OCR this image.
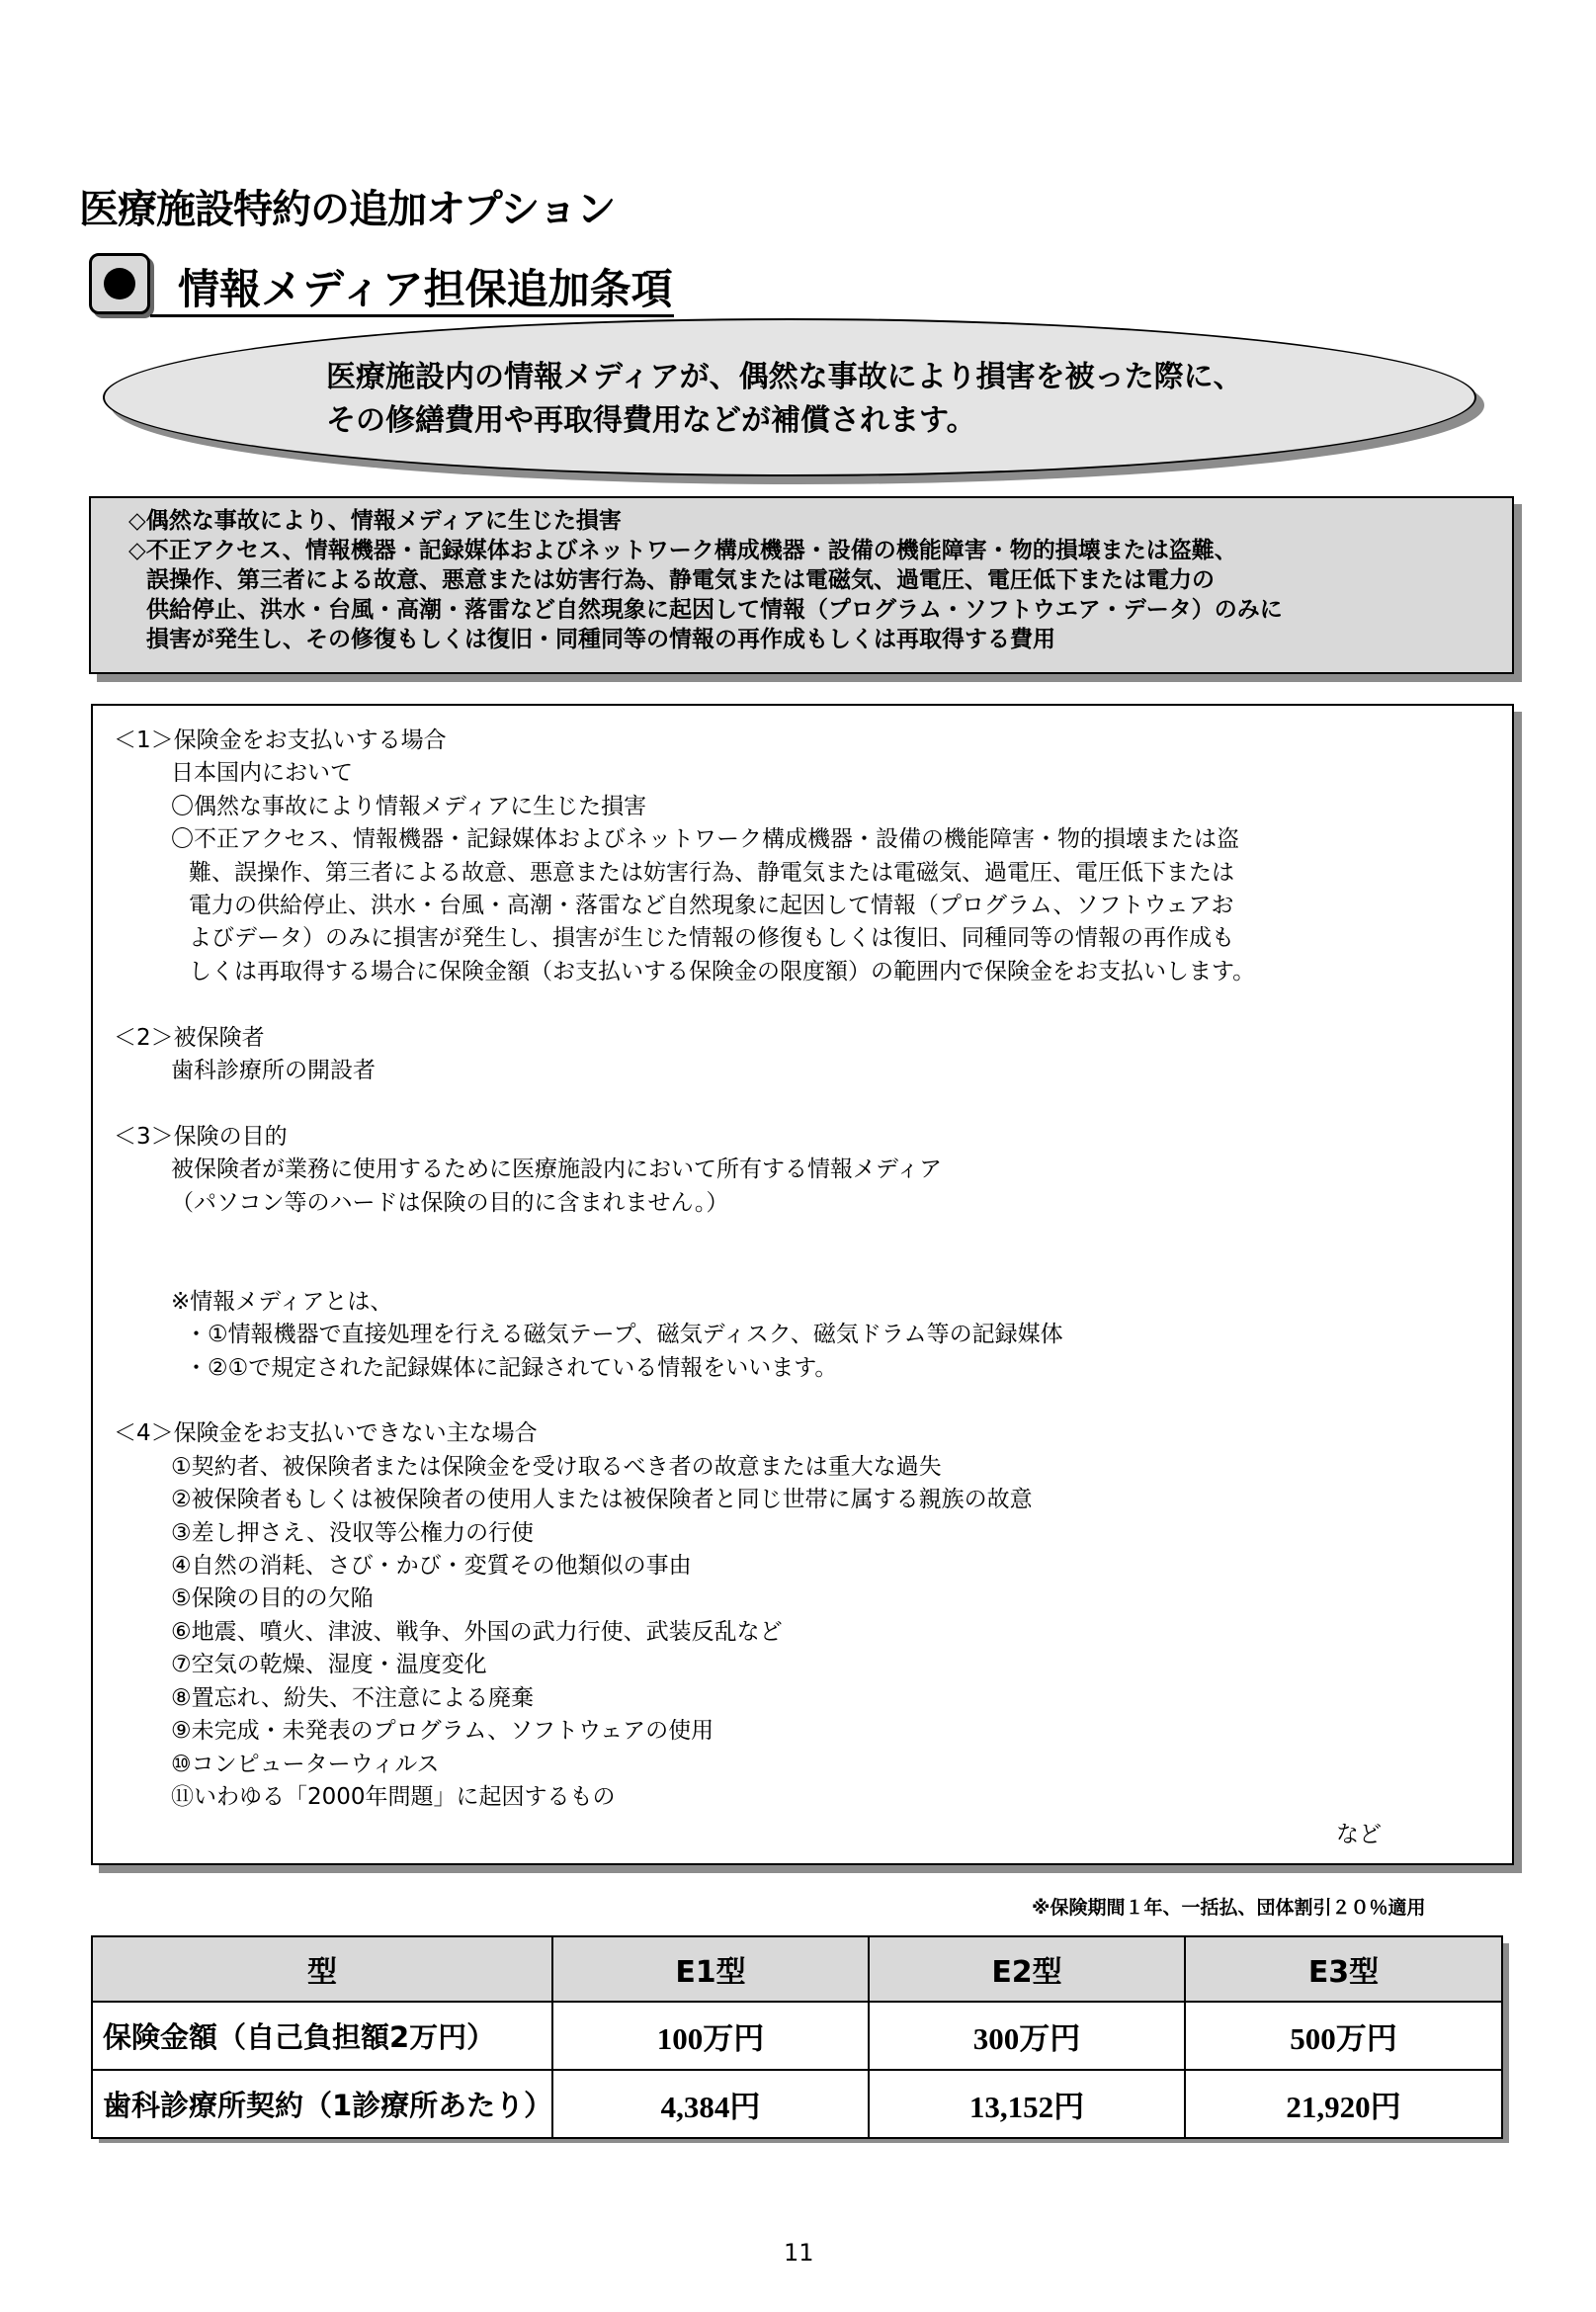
医療施設特約の追加オプション
情報メディア担保追加条項
医療施設内の情報メディアが、偶然な事故により損害を被った際に、
その修繕費用や再取得費用などが補償されます。
◇偶然な事故により、情報メディアに生じた損害
◇不正アクセス、情報機器・記録媒体およびネットワーク構成機器・設備の機能障害・物的損壊または盗難、
誤操作、第三者による故意、悪意または妨害行為、静電気または電磁気、過電圧、電圧低下または電力の
供給停止、洪水・台風・高潮・落雷など自然現象に起因して情報（プログラム・ソフトウエア・データ）のみに
損害が発生し、その修復もしくは復旧・同種同等の情報の再作成もしくは再取得する費用
＜1＞保険金をお支払いする場合
日本国内において
〇偶然な事故により情報メディアに生じた損害
〇不正アクセス、情報機器・記録媒体およびネットワーク構成機器・設備の機能障害・物的損壊または盗
難、誤操作、第三者による故意、悪意または妨害行為、静電気または電磁気、過電圧、電圧低下または
電力の供給停止、洪水・台風・高潮・落雷など自然現象に起因して情報（プログラム、ソフトウェアお
よびデータ）のみに損害が発生し、損害が生じた情報の修復もしくは復旧、同種同等の情報の再作成も
しくは再取得する場合に保険金額（お支払いする保険金の限度額）の範囲内で保険金をお支払いします。
＜2＞被保険者
歯科診療所の開設者
＜3＞保険の目的
被保険者が業務に使用するために医療施設内において所有する情報メディア
（パソコン等のハードは保険の目的に含まれません。）
※情報メディアとは、
・①情報機器で直接処理を行える磁気テープ、磁気ディスク、磁気ドラム等の記録媒体
・②①で規定された記録媒体に記録されている情報をいいます。
＜4＞保険金をお支払いできない主な場合
①契約者、被保険者または保険金を受け取るべき者の故意または重大な過失
②被保険者もしくは被保険者の使用人または被保険者と同じ世帯に属する親族の故意
③差し押さえ、没収等公権力の行使
④自然の消耗、さび・かび・変質その他類似の事由
⑤保険の目的の欠陥
⑥地震、噴火、津波、戦争、外国の武力行使、武装反乱など
⑦空気の乾燥、湿度・温度変化
⑧置忘れ、紛失、不注意による廃棄
⑨未完成・未発表のプログラム、ソフトウェアの使用
⑩コンピューターウィルス
⑪いわゆる「2000年問題」に起因するもの
など
※保険期間１年、一括払、団体割引２０％適用
型	E1型	E2型	E3型
保険金額（自己負担額2万円）	100万円	300万円	500万円
歯科診療所契約（1診療所あたり）	4,384円	13,152円	21,920円
11
